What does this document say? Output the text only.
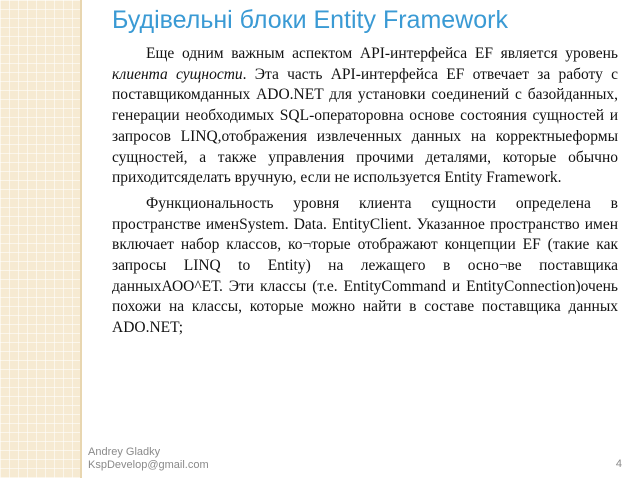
Будівельні блоки Entity Framework

Еще одним важным аспектом API-интерфейса EF является уровень клиента сущности. Эта часть API-интерфейса EF отвечает за работу с поставщикомданных ADO.NET для установки соединений с базойданных, генерации необходимых SQL-операторовна основе состояния сущностей и запросов LINQ,отображения извлеченных данных на корректныеформы сущностей, а также управления прочими деталями, которые обычно приходитсяделать вручную, если не используется Entity Framework.

Функциональность уровня клиента сущности определена в пространстве именSystem. Data. EntityClient. Указанное пространство имен включает набор классов, ко¬торые отображают концепции EF (такие как запросы LINQ to Entity) на лежащего в осно¬ве поставщика данныхАОО^ЕТ. Эти классы (т.е. EntityCommand и EntityConnection)очень похожи на классы, которые можно найти в составе поставщика данных ADO.NET;

Andrey Gladky
KspDevelop@gmail.com	4
